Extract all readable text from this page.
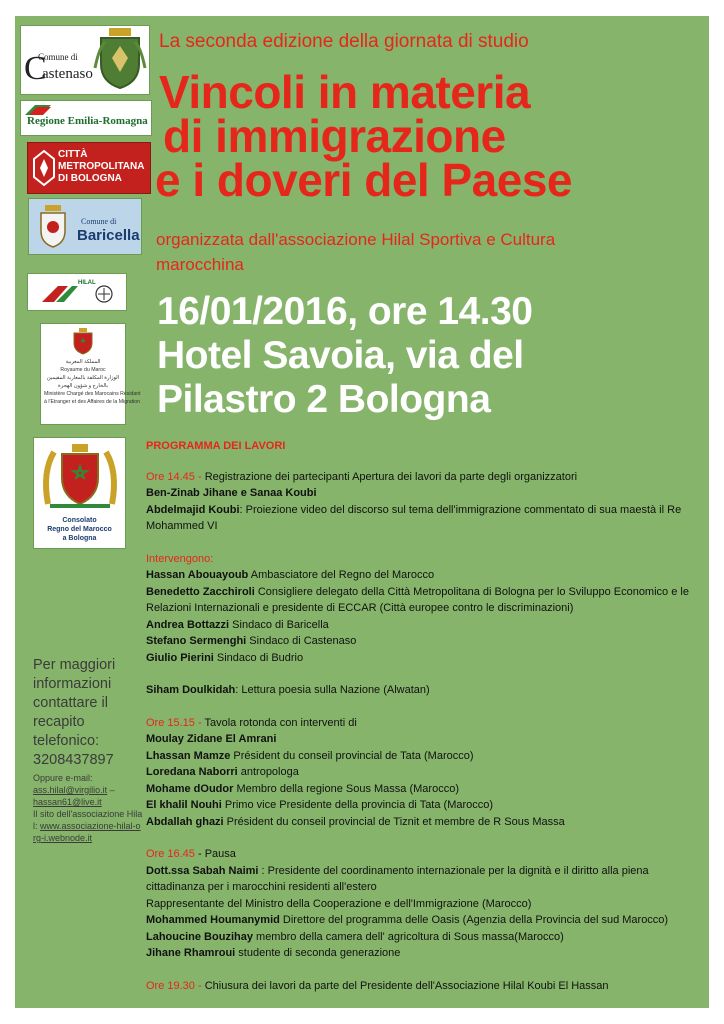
Comune di
C
astenaso
Regione Emilia-Romagna
CITTÀ
METROPOLITANA
DI BOLOGNA
Comune di
Baricella
HILAL
المملكة المغربية
Royaume du Maroc
الوزارة المكلفة بالمغاربة المقيمين
بالخارج و شؤون الهجرة
Ministère Chargé des Marocains Résidant
à l'Etranger et des Affaires de la Migration
Consolato
Regno del Marocco
a Bologna
La seconda edizione della giornata di studio
Vincoli in materia
di immigrazione
e i doveri del Paese
organizzata dall'associazione Hilal Sportiva e Cultura
marocchina
16/01/2016, ore 14.30
Hotel Savoia, via del
Pilastro 2 Bologna
PROGRAMMA DEI LAVORI
Ore 14.45 - Registrazione dei partecipanti Apertura dei lavori da parte degli organizzatori
Ben-Zinab Jihane e Sanaa Koubi
Abdelmajid Koubi: Proiezione video del discorso sul tema dell'immigrazione commentato di sua maestà il Re Mohammed VI
Intervengono:
Hassan Abouayoub Ambasciatore del Regno del Marocco
Benedetto Zacchiroli Consigliere delegato della Città Metropolitana di Bologna per lo Sviluppo Economico e le Relazioni Internazionali e presidente di ECCAR (Città europee contro le discriminazioni)
Andrea Bottazzi Sindaco di Baricella
Stefano Sermenghi Sindaco di Castenaso
Giulio Pierini Sindaco di Budrio
Siham Doulkidah: Lettura poesia sulla Nazione (Alwatan)
Ore 15.15 - Tavola rotonda con interventi di
Moulay Zidane El Amrani
Lhassan Mamze Président du conseil provincial de Tata (Marocco)
Loredana Naborri antropologa
Mohame dOudor Membro della regione Sous Massa (Marocco)
El khalil Nouhi Primo vice Presidente della provincia di Tata (Marocco)
Abdallah ghazi Président du conseil provincial de Tiznit et membre de R Sous Massa
Ore 16.45 - Pausa
Dott.ssa Sabah Naimi : Presidente del coordinamento internazionale per la dignità e il diritto alla piena cittadinanza per i marocchini residenti all'estero
Rappresentante del Ministro della Cooperazione e dell'Immigrazione (Marocco)
Mohammed Houmanymid Direttore del programma delle Oasis (Agenzia della Provincia del sud Marocco)
Lahoucine Bouzihay membro della camera dell' agricoltura di Sous massa(Marocco)
Jihane Rhamroui studente di seconda generazione
Ore 19.30 - Chiusura dei lavori da parte del Presidente dell'Associazione Hilal Koubi El Hassan
Per maggiori
informazioni
contattare il
recapito
telefonico:
3208437897
Oppure e-mail:
ass.hilal@virgilio.it –
hassan61@live.it
Il sito dell'associazione Hilal: www.associazione-hilal-org-i.webnode.it
